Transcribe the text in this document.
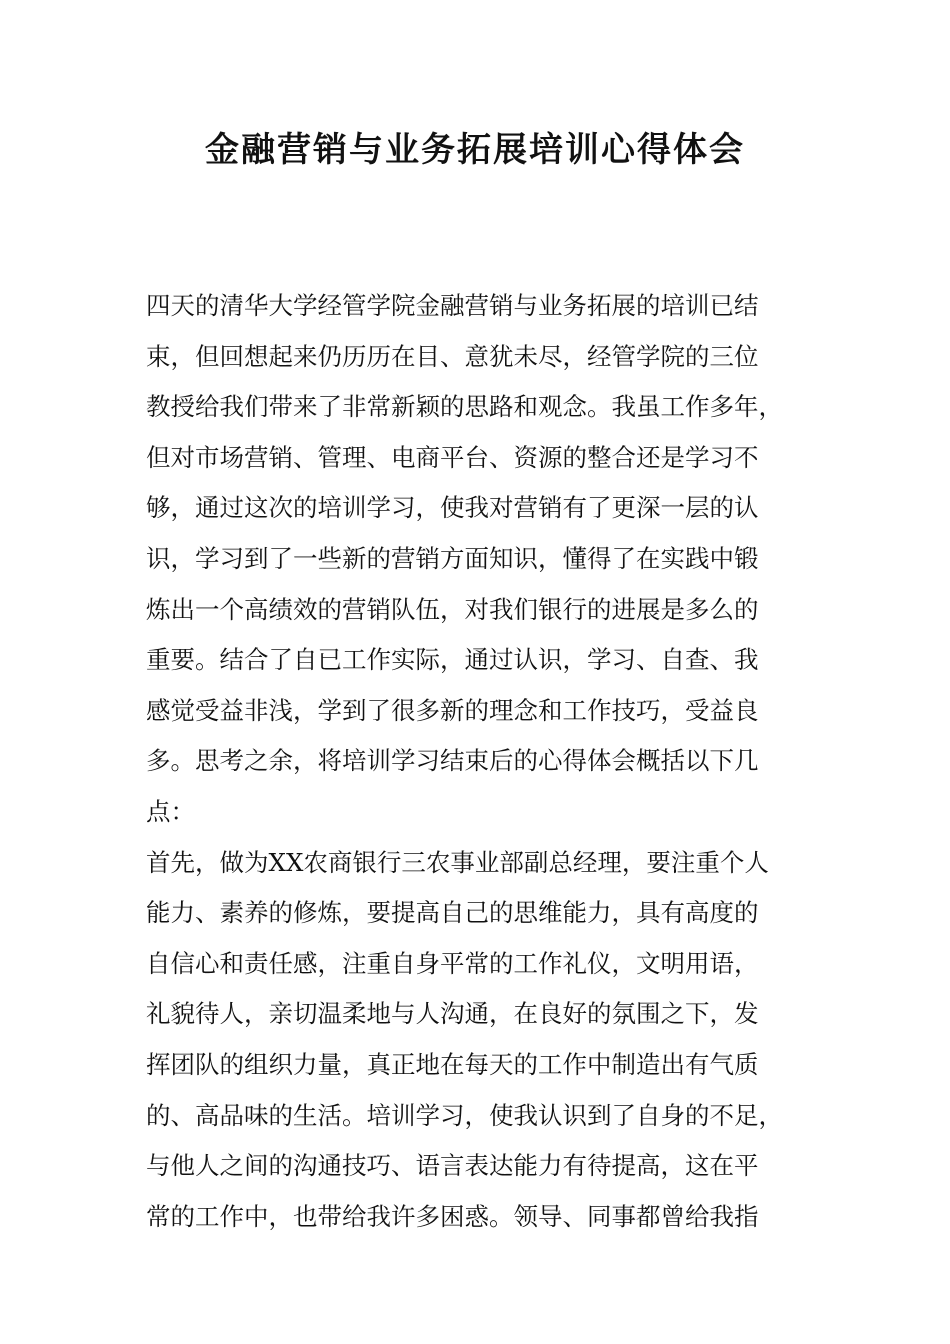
金融营销与业务拓展培训心得体会
四天的清华大学经管学院金融营销与业务拓展的培训已结
束，但回想起来仍历历在目、意犹未尽，经管学院的三位
教授给我们带来了非常新颖的思路和观念。我虽工作多年，
但对市场营销、管理、电商平台、资源的整合还是学习不
够，通过这次的培训学习，使我对营销有了更深一层的认
识，学习到了一些新的营销方面知识，懂得了在实践中锻
炼出一个高绩效的营销队伍，对我们银行的进展是多么的
重要。结合了自已工作实际，通过认识，学习、自查、我
感觉受益非浅，学到了很多新的理念和工作技巧，受益良
多。思考之余，将培训学习结束后的心得体会概括以下几
点：
首先，做为XX农商银行三农事业部副总经理，要注重个人
能力、素养的修炼，要提高自己的思维能力，具有高度的
自信心和责任感，注重自身平常的工作礼仪，文明用语，
礼貌待人，亲切温柔地与人沟通，在良好的氛围之下，发
挥团队的组织力量，真正地在每天的工作中制造出有气质
的、高品味的生活。培训学习，使我认识到了自身的不足，
与他人之间的沟通技巧、语言表达能力有待提高，这在平
常的工作中，也带给我许多困惑。领导、同事都曾给我指
